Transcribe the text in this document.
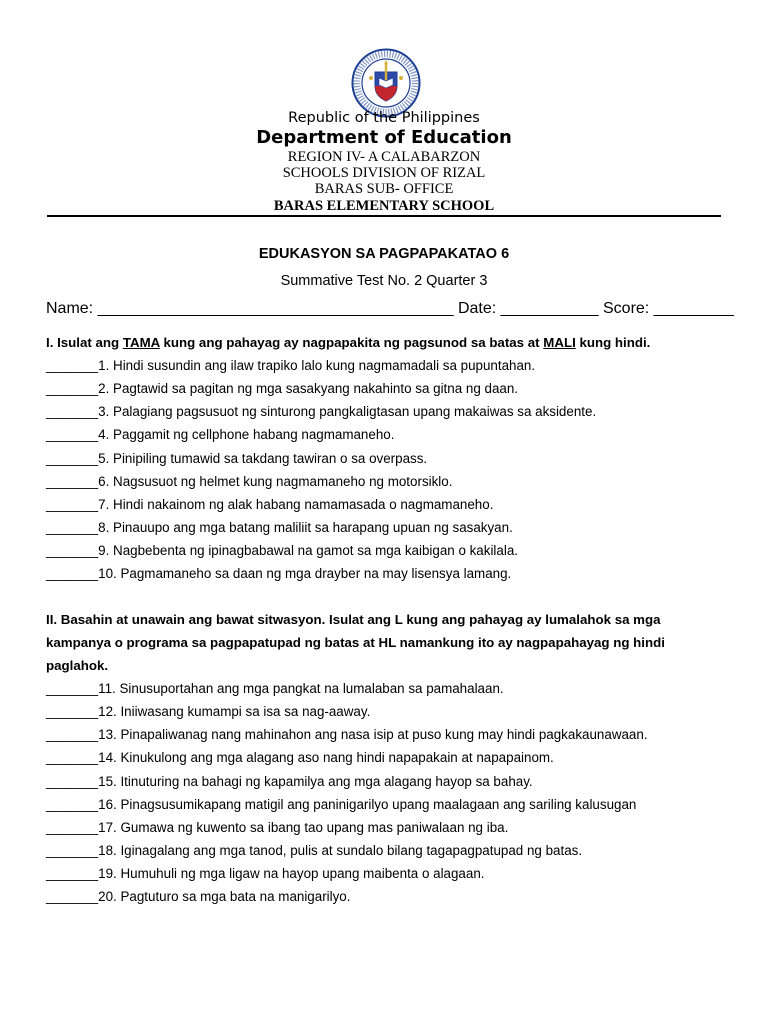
Republic of the Philippines
Department of Education
REGION IV- A CALABARZON
SCHOOLS DIVISION OF RIZAL
BARAS SUB- OFFICE
BARAS ELEMENTARY SCHOOL
EDUKASYON SA PAGPAPAKATAO 6
Summative Test No. 2 Quarter 3
Name: ________________________________________ Date: ___________ Score: _________
I. Isulat ang TAMA kung ang pahayag ay nagpapakita ng pagsunod sa batas at MALI kung hindi.
_______1. Hindi susundin ang ilaw trapiko lalo kung nagmamadali sa pupuntahan.
_______2. Pagtawid sa pagitan ng mga sasakyang nakahinto sa gitna ng daan.
_______3. Palagiang pagsusuot ng sinturong pangkaligtasan upang makaiwas sa aksidente.
_______4. Paggamit ng cellphone habang nagmamaneho.
_______5. Pinipiling tumawid sa takdang tawiran o sa overpass.
_______6. Nagsusuot ng helmet kung nagmamaneho ng motorsiklo.
_______7. Hindi nakainom ng alak habang namamasada o nagmamaneho.
_______8. Pinauupo ang mga batang maliliit sa harapang upuan ng sasakyan.
_______9. Nagbebenta ng ipinagbabawal na gamot sa mga kaibigan o kakilala.
_______10. Pagmamaneho sa daan ng mga drayber na may lisensya lamang.
II. Basahin at unawain ang bawat sitwasyon. Isulat ang L kung ang pahayag ay lumalahok sa mga
kampanya o programa sa pagpapatupad ng batas at HL namankung ito ay nagpapahayag ng hindi
paglahok.
_______11. Sinusuportahan ang mga pangkat na lumalaban sa pamahalaan.
_______12. Iniiwasang kumampi sa isa sa nag-aaway.
_______13. Pinapaliwanag nang mahinahon ang nasa isip at puso kung may hindi pagkakaunawaan.
_______14. Kinukulong ang mga alagang aso nang hindi napapakain at napapainom.
_______15. Itinuturing na bahagi ng kapamilya ang mga alagang hayop sa bahay.
_______16. Pinagsusumikapang matigil ang paninigarilyo upang maalagaan ang sariling kalusugan
_______17. Gumawa ng kuwento sa ibang tao upang mas paniwalaan ng iba.
_______18. Iginagalang ang mga tanod, pulis at sundalo bilang tagapagpatupad ng batas.
_______19. Humuhuli ng mga ligaw na hayop upang maibenta o alagaan.
_______20. Pagtuturo sa mga bata na manigarilyo.
